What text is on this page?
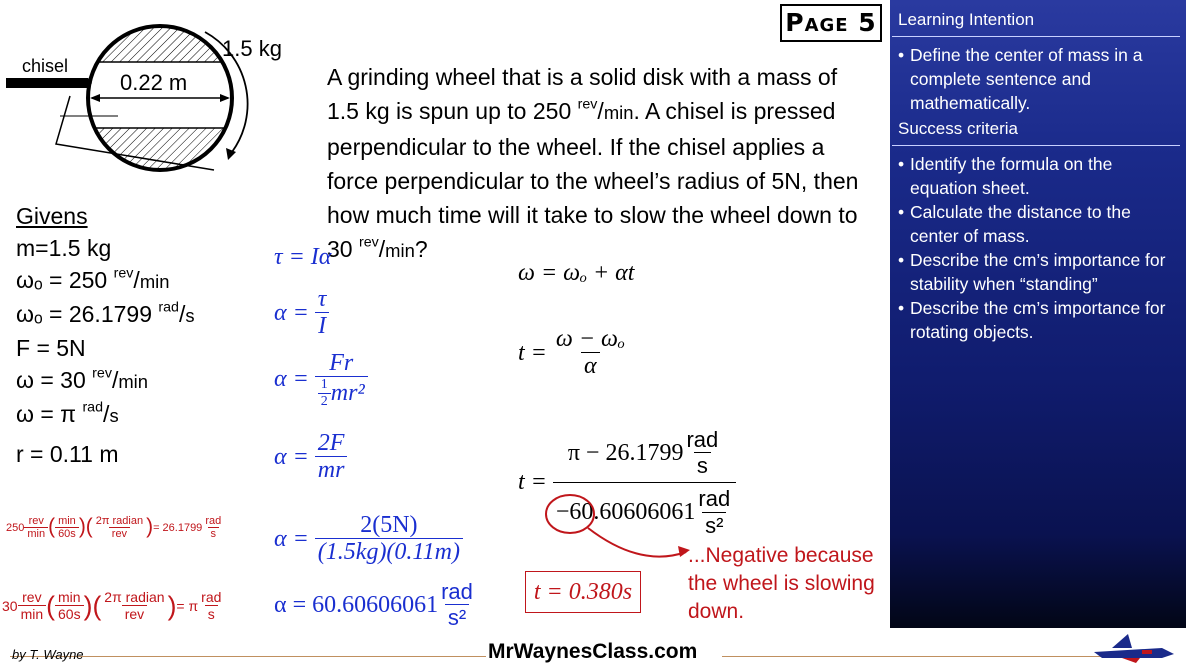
Page 5	Learning Intention
• Define the center of mass in a complete sentence and mathematically.
Success criteria
• Identify the formula on the equation sheet.
• Calculate the distance to the center of mass.
• Describe the cm’s importance for stability when “standing”
• Describe the cm’s importance for rotating objects.
chisel
0.22 m
1.5 kg
A grinding wheel that is a solid disk with a mass of 1.5 kg is spun up to 250 $^{rev}$/min. A chisel is pressed perpendicular to the wheel. If the chisel applies a force perpendicular to the wheel’s radius of 5N, then how much time will it take to slow the wheel down to 30 $^{rev}$/min?
Givens
m=1.5 kg
ωₒ = 250 $^{rev}$/min
ωₒ = 26.1799 $^{rad}$/s
F = 5N
ω = 30 $^{rev}$/min
ω = π $^{rad}$/s
r = 0.11 m
τ = Iα
α =
$\frac{\tau}{I}$
α =
$\frac{Fr}{\frac{1}{2} mr^2}$
α =
$\frac{2F}{mr}$
α =
$\frac{2(5N)}{(1.5kg)(0.11m)}$
$\alpha = 60.60606061 \frac{\text{rad}}{\text{s²}}$
ω = ωₒ + αt
t =
$\frac{\text{ω − ωₒ}}{\alpha}$
t =
$\frac{\pi - 26.1799 \frac{\text{rad}}{s}}{-60.60606061 \frac{\text{rad}}{\text{s²}}}$
t = 0.380s
...Negative because the wheel is slowing down.
$250 \frac{\text{rev}}{\min}$ ( $\frac{\min}{60s}$ ) ( $\frac{\text{2π radian}}{\text{rev}}$ ) = $26.1799 \frac{\text{rad}}{s}$
$30 \frac{\text{rev}}{\min}$ ( $\frac{\min}{60s}$ ) ( $\frac{\text{2π radian}}{\text{rev}}$ ) = π $\frac{\text{rad}}{s}$
by T. Wayne	MrWaynesClass.com
